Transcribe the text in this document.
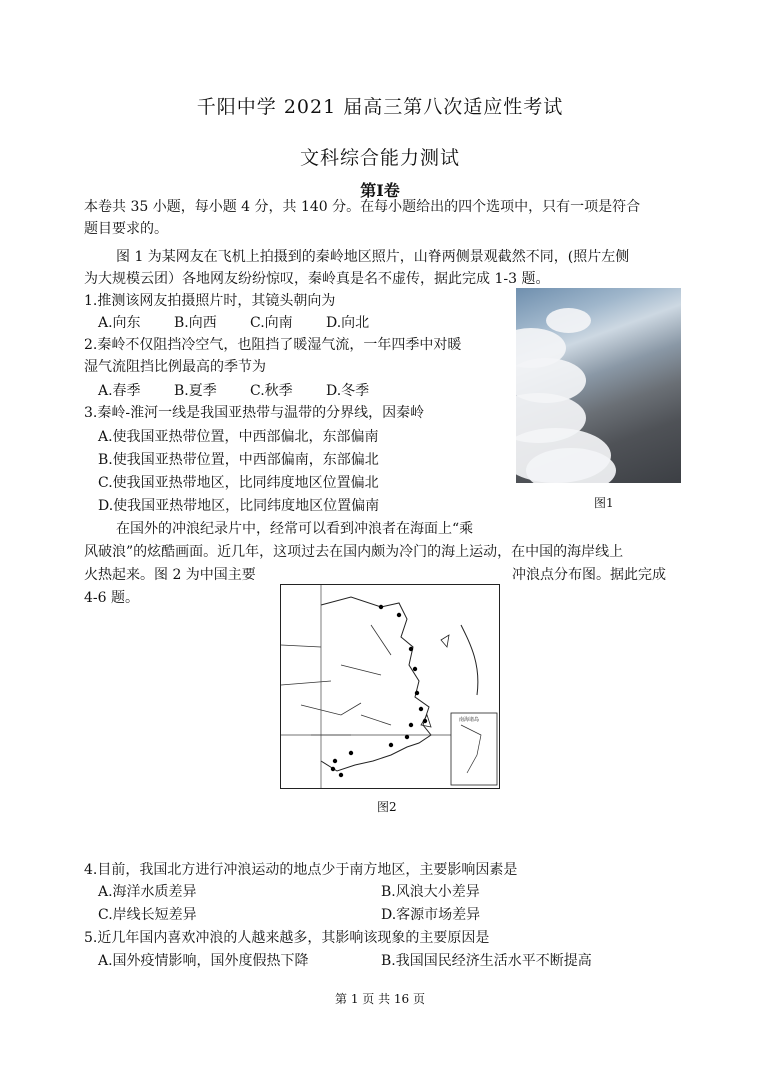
千阳中学 2021 届高三第八次适应性考试
文科综合能力测试
第Ⅰ卷
本卷共 35 小题，每小题 4 分，共 140 分。在每小题给出的四个选项中，只有一项是符合
题目要求的。
图 1 为某网友在飞机上拍摄到的秦岭地区照片，山脊两侧景观截然不同，(照片左侧
为大规模云团）各地网友纷纷惊叹，秦岭真是名不虚传，据此完成 1-3 题。
1.推测该网友拍摄照片时，其镜头朝向为
A.向东 B.向西 C.向南 D.向北
2.秦岭不仅阻挡冷空气，也阻挡了暖湿气流，一年四季中对暖
湿气流阻挡比例最高的季节为
A.春季 B.夏季 C.秋季 D.冬季
3.秦岭-淮河一线是我国亚热带与温带的分界线，因秦岭
A.使我国亚热带位置，中西部偏北，东部偏南
B.使我国亚热带位置，中西部偏南，东部偏北
C.使我国亚热带地区，比同纬度地区位置偏北
D.使我国亚热带地区，比同纬度地区位置偏南	图1
在国外的冲浪纪录片中，经常可以看到冲浪者在海面上“乘
风破浪”的炫酷画面。近几年，这项过去在国内颇为冷门的海上运动，在中国的海岸线上
火热起来。图 2 为中国主要	冲浪点分布图。据此完成
4-6 题。
南海诸岛
图2
4.目前，我国北方进行冲浪运动的地点少于南方地区，主要影响因素是
A.海洋水质差异	B.风浪大小差异
C.岸线长短差异	D.客源市场差异
5.近几年国内喜欢冲浪的人越来越多，其影响该现象的主要原因是
A.国外疫情影响，国外度假热下降	B.我国国民经济生活水平不断提高
第 1 页 共 16 页
